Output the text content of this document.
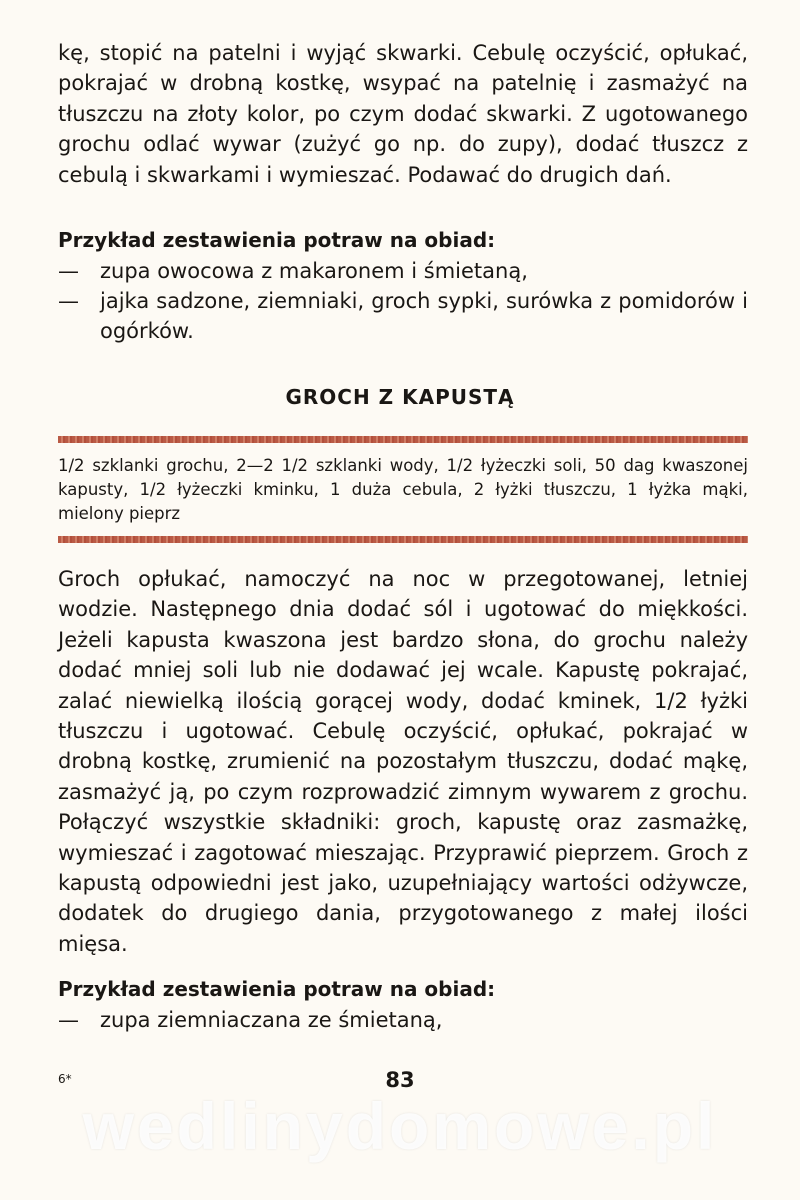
kę, stopić na patelni i wyjąć skwarki. Cebulę oczyścić, opłukać, pokrajać w drobną kostkę, wsypać na patelnię i zasmażyć na tłuszczu na złoty kolor, po czym dodać skwarki. Z ugotowanego grochu odlać wywar (zużyć go np. do zupy), dodać tłuszcz z cebulą i skwarkami i wymieszać. Podawać do drugich dań.

Przykład zestawienia potraw na obiad:

—	zupa owocowa z makaronem i śmietaną,
—	jajka sadzone, ziemniaki, groch sypki, surówka z pomidorów i ogórków.
GROCH Z KAPUSTĄ

1/2 szklanki grochu, 2—2 1/2 szklanki wody, 1/2 łyżeczki soli, 50 dag kwaszonej kapusty, 1/2 łyżeczki kminku, 1 duża cebula, 2 łyżki tłuszczu, 1 łyżka mąki, mielony pieprz

Groch opłukać, namoczyć na noc w przegotowanej, letniej wodzie. Następnego dnia dodać sól i ugotować do miękkości. Jeżeli kapusta kwaszona jest bardzo słona, do grochu należy dodać mniej soli lub nie dodawać jej wcale. Kapustę pokrajać, zalać niewielką ilością gorącej wody, dodać kminek, 1/2 łyżki tłuszczu i ugotować. Cebulę oczyścić, opłukać, pokrajać w drobną kostkę, zrumienić na pozostałym tłuszczu, dodać mąkę, zasmażyć ją, po czym rozprowadzić zimnym wywarem z grochu. Połączyć wszystkie składniki: groch, kapustę oraz zasmażkę, wymieszać i zagotować mieszając. Przyprawić pieprzem. Groch z kapustą odpowiedni jest jako, uzupełniający wartości odżywcze, dodatek do drugiego dania, przygotowanego z małej ilości mięsa.

Przykład zestawienia potraw na obiad:

—	zupa ziemniaczana ze śmietaną,
6*	83
wedlinydomowe.pl
